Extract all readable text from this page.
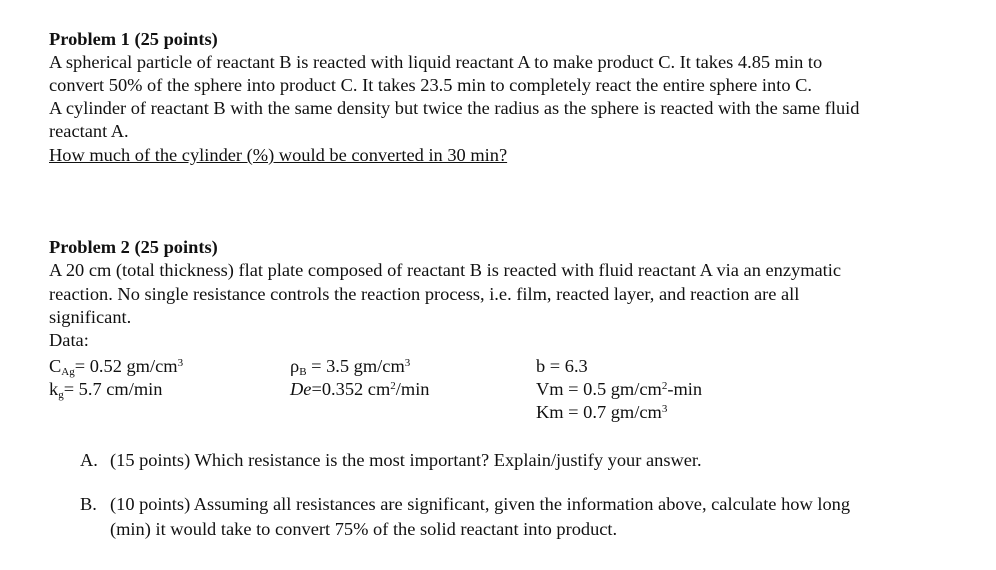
Problem 1 (25 points)
A spherical particle of reactant B is reacted with liquid reactant A to make product C. It takes 4.85 min to
convert 50% of the sphere into product C. It takes 23.5 min to completely react the entire sphere into C.
A cylinder of reactant B with the same density but twice the radius as the sphere is reacted with the same fluid
reactant A.
How much of the cylinder (%) would be converted in 30 min?
Problem 2 (25 points)
A 20 cm (total thickness) flat plate composed of reactant B is reacted with fluid reactant A via an enzymatic
reaction. No single resistance controls the reaction process, i.e. film, reacted layer, and reaction are all
significant.
Data:
$C_{Ag}= 0.52$ $gm/cm^3$
$k_g= 5.7$ cm/min
$\rho_B = 3.5$ $gm/cm^3$
De=0.352 $cm^2/\min$
b = 6.3
Vm = 0.5 $gm/cm^2-\min$
Km = 0.7 $gm/cm^3$
A. (15 points) Which resistance is the most important? Explain/justify your answer.
B. (10 points) Assuming all resistances are significant, given the information above, calculate how long
(min) it would take to convert 75% of the solid reactant into product.
